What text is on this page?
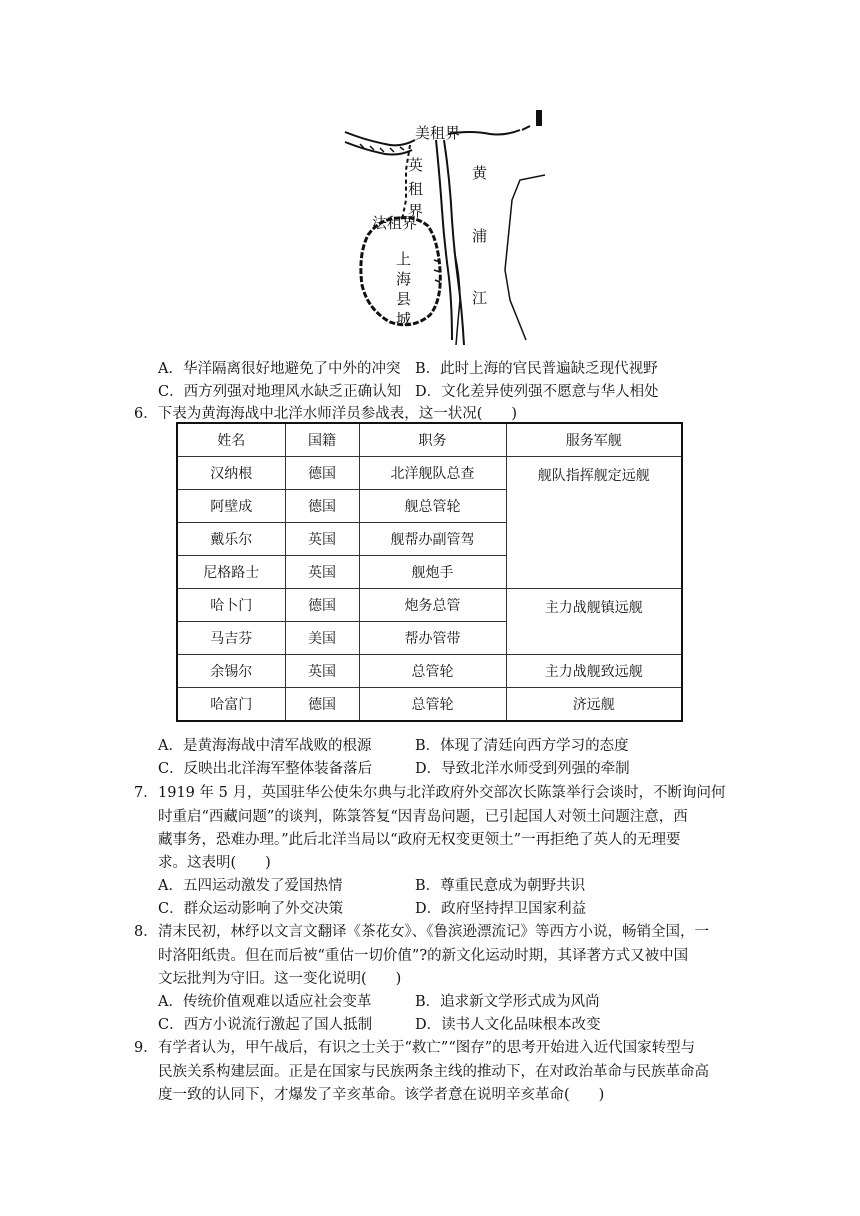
美租界
英
租
界
法租界
黄
浦
江
上
海
县
城
A．华洋隔离很好地避免了中外的冲突 B．此时上海的官民普遍缺乏现代视野
C．西方列强对地理风水缺乏正确认知 D．文化差异使列强不愿意与华人相处
6．下表为黄海海战中北洋水师洋员参战表，这一状况(　　)
姓名	国籍	职务	服务军舰
汉纳根	德国	北洋舰队总查	舰队指挥舰定远舰
阿壁成	德国	舰总管轮	
戴乐尔	英国	舰帮办副管驾	
尼格路士	英国	舰炮手	
哈卜门	德国	炮务总管	主力战舰镇远舰
马吉芬	美国	帮办管带	
余锡尔	英国	总管轮	主力战舰致远舰
哈富门	德国	总管轮	济远舰
A．是黄海海战中清军战败的根源	B．体现了清廷向西方学习的态度
C．反映出北洋海军整体装备落后	D．导致北洋水师受到列强的牵制
7． 1919 年 5 月，英国驻华公使朱尔典与北洋政府外交部次长陈箓举行会谈时，不断询问何
时重启“西藏问题”的谈判，陈箓答复“因青岛问题，已引起国人对领土问题注意，西
藏事务，恐难办理。”此后北洋当局以“政府无权变更领土”一再拒绝了英人的无理要
求。这表明(　　)
A．五四运动激发了爱国热情	B．尊重民意成为朝野共识
C．群众运动影响了外交决策	D．政府坚持捍卫国家利益
8． 清末民初，林纾以文言文翻译《茶花女》、《鲁滨逊漂流记》等西方小说，畅销全国，一
时洛阳纸贵。但在而后被“重估一切价值”?的新文化运动时期，其译著方式又被中国
文坛批判为守旧。这一变化说明(　　)
A．传统价值观难以适应社会变革	B．追求新文学形式成为风尚
C．西方小说流行激起了国人抵制	D．读书人文化品味根本改变
9． 有学者认为，甲午战后，有识之士关于“救亡”“图存”的思考开始进入近代国家转型与
民族关系构建层面。正是在国家与民族两条主线的推动下，在对政治革命与民族革命高
度一致的认同下，才爆发了辛亥革命。该学者意在说明辛亥革命(　　)
